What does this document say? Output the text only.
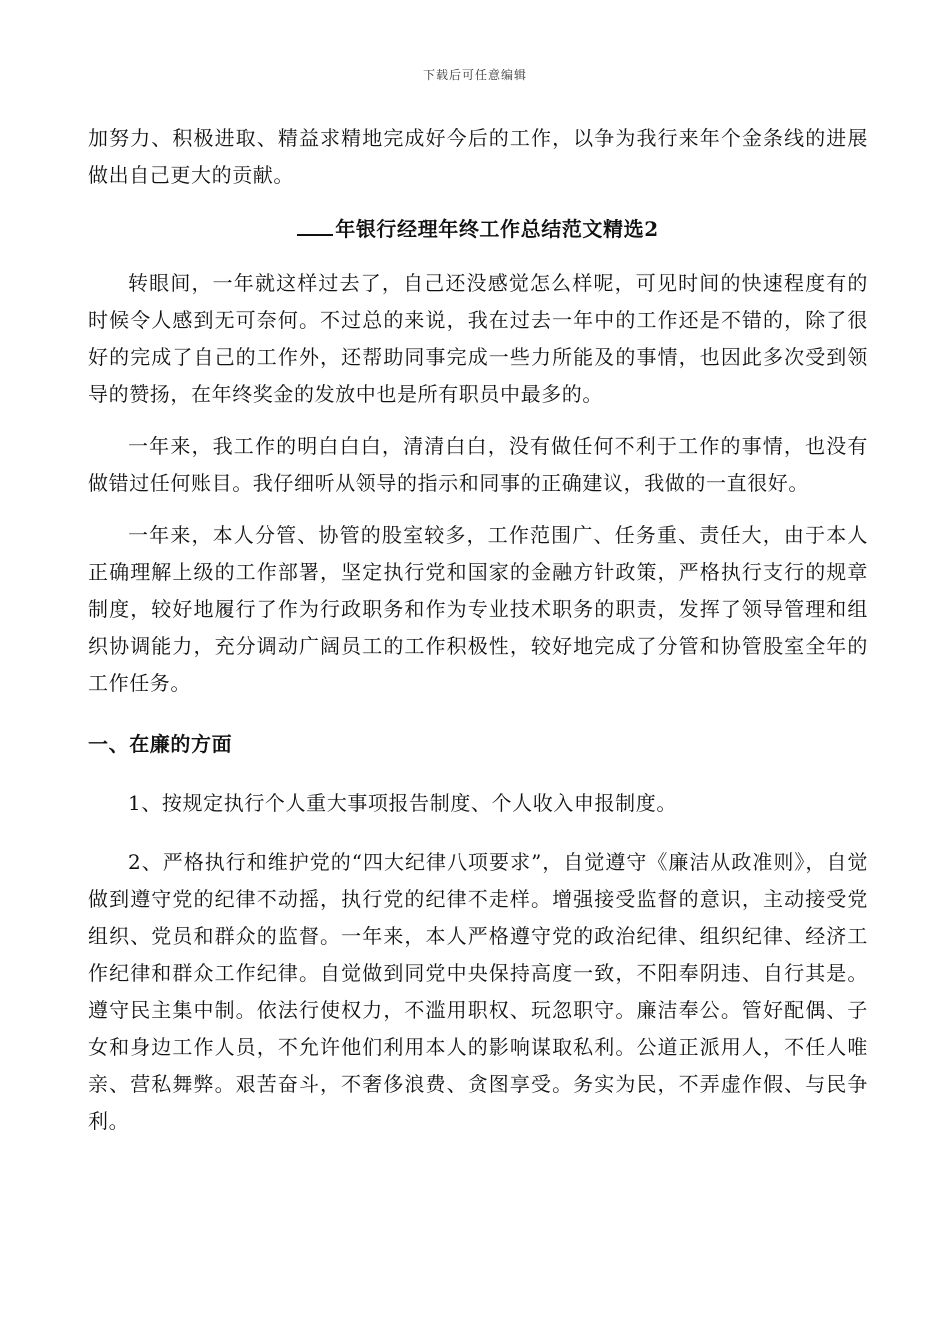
下载后可任意编辑

加努力、积极进取、精益求精地完成好今后的工作，以争为我行来年个金条线的进展做出自己更大的贡献。

年银行经理年终工作总结范文精选2

转眼间，一年就这样过去了，自己还没感觉怎么样呢，可见时间的快速程度有的时候令人感到无可奈何。不过总的来说，我在过去一年中的工作还是不错的，除了很好的完成了自己的工作外，还帮助同事完成一些力所能及的事情，也因此多次受到领导的赞扬，在年终奖金的发放中也是所有职员中最多的。

一年来，我工作的明白白白，清清白白，没有做任何不利于工作的事情，也没有做错过任何账目。我仔细听从领导的指示和同事的正确建议，我做的一直很好。

一年来，本人分管、协管的股室较多，工作范围广、任务重、责任大，由于本人正确理解上级的工作部署，坚定执行党和国家的金融方针政策，严格执行支行的规章制度，较好地履行了作为行政职务和作为专业技术职务的职责，发挥了领导管理和组织协调能力，充分调动广阔员工的工作积极性，较好地完成了分管和协管股室全年的工作任务。

一、在廉的方面

1、按规定执行个人重大事项报告制度、个人收入申报制度。

2、严格执行和维护党的“四大纪律八项要求”，自觉遵守《廉洁从政准则》，自觉做到遵守党的纪律不动摇，执行党的纪律不走样。增强接受监督的意识，主动接受党组织、党员和群众的监督。一年来，本人严格遵守党的政治纪律、组织纪律、经济工作纪律和群众工作纪律。自觉做到同党中央保持高度一致，不阳奉阴违、自行其是。遵守民主集中制。依法行使权力，不滥用职权、玩忽职守。廉洁奉公。管好配偶、子女和身边工作人员，不允许他们利用本人的影响谋取私利。公道正派用人，不任人唯亲、营私舞弊。艰苦奋斗，不奢侈浪费、贪图享受。务实为民，不弄虚作假、与民争利。
